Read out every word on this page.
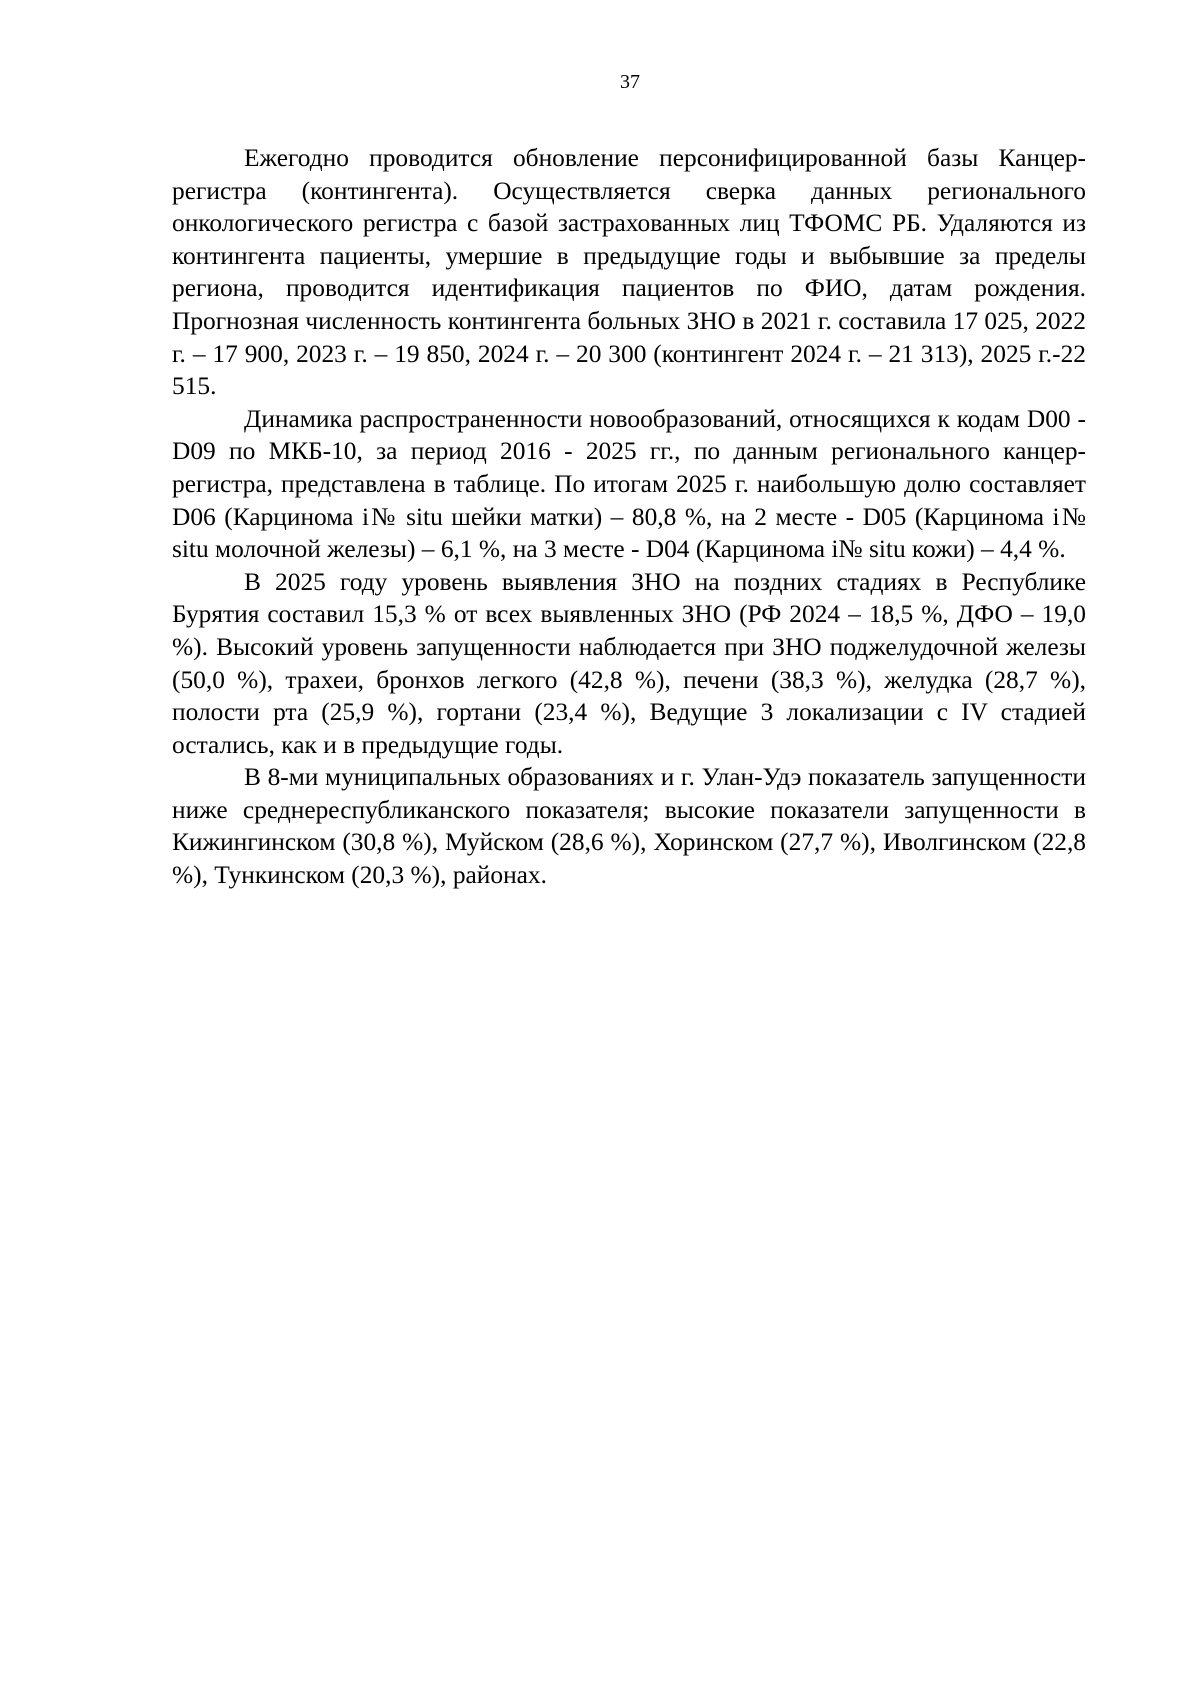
37

Ежегодно проводится обновление персонифицированной базы Канцер-регистра (контингента). Осуществляется сверка данных регионального онкологического регистра с базой застрахованных лиц ТФОМС РБ. Удаляются из контингента пациенты, умершие в предыдущие годы и выбывшие за пределы региона, проводится идентификация пациентов по ФИО, датам рождения. Прогнозная численность контингента больных ЗНО в 2021 г. составила 17 025, 2022 г. – 17 900, 2023 г. – 19 850, 2024 г. – 20 300 (контингент 2024 г. – 21 313), 2025 г.-22 515.

Динамика распространенности новообразований, относящихся к кодам D00 - D09 по МКБ-10, за период 2016 - 2025 гг., по данным регионального канцер-регистра, представлена в таблице. По итогам 2025 г. наибольшую долю составляет D06 (Карцинома i№ situ шейки матки) – 80,8 %, на 2 месте - D05 (Карцинома i№ situ молочной железы) – 6,1 %, на 3 месте - D04 (Карцинома i№ situ кожи) – 4,4 %.

В 2025 году уровень выявления ЗНО на поздних стадиях в Республике Бурятия составил 15,3 % от всех выявленных ЗНО (РФ 2024 – 18,5 %, ДФО – 19,0 %). Высокий уровень запущенности наблюдается при ЗНО поджелудочной железы (50,0 %), трахеи, бронхов легкого (42,8 %), печени (38,3 %), желудка (28,7 %), полости рта (25,9 %), гортани (23,4 %), Ведущие 3 локализации с IV стадией остались, как и в предыдущие годы.

В 8-ми муниципальных образованиях и г. Улан-Удэ показатель запущенности ниже среднереспубликанского показателя; высокие показатели запущенности в Кижингинском (30,8 %), Муйском (28,6 %), Хоринском (27,7 %), Иволгинском (22,8 %), Тункинском (20,3 %), районах.
